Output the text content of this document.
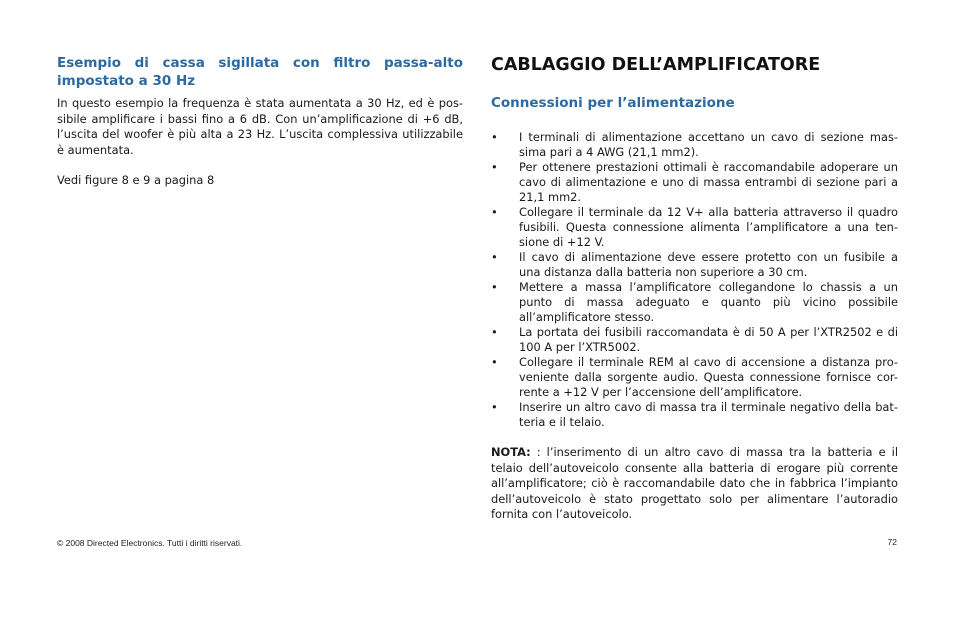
Esempio di cassa sigillata con filtro passa-alto impostato a 30 Hz

In questo esempio la frequenza è stata aumentata a 30 Hz, ed è pos-sibile amplificare i bassi fino a 6 dB. Con un’amplificazione di +6 dB, l’uscita del woofer è più alta a 23 Hz. L’uscita complessiva utilizzabile è aumentata.

Vedi figure 8 e 9 a pagina 8

CABLAGGIO DELL’AMPLIFICATORE
Connessioni per l’alimentazione
• I terminali di alimentazione accettano un cavo di sezione mas-sima pari a 4 AWG (21,1 mm2).
• Per ottenere prestazioni ottimali è raccomandabile adoperare un cavo di alimentazione e uno di massa entrambi di sezione pari a 21,1 mm2.
• Collegare il terminale da 12 V+ alla batteria attraverso il quadro fusibili. Questa connessione alimenta l’amplificatore a una ten-sione di +12 V.
• Il cavo di alimentazione deve essere protetto con un fusibile a una distanza dalla batteria non superiore a 30 cm.
• Mettere a massa l’amplificatore collegandone lo chassis a un punto di massa adeguato e quanto più vicino possibile all’amplificatore stesso.
• La portata dei fusibili raccomandata è di 50 A per l’XTR2502 e di 100 A per l’XTR5002.
• Collegare il terminale REM al cavo di accensione a distanza pro-veniente dalla sorgente audio. Questa connessione fornisce cor-rente a +12 V per l’accensione dell’amplificatore.
• Inserire un altro cavo di massa tra il terminale negativo della bat-teria e il telaio.

NOTA: : l’inserimento di un altro cavo di massa tra la batteria e il telaio dell’autoveicolo consente alla batteria di erogare più corrente all’amplificatore; ciò è raccomandabile dato che in fabbrica l’impianto dell’autoveicolo è stato progettato solo per alimentare l’autoradio fornita con l’autoveicolo.

© 2008 Directed Electronics. Tutti i diritti riservati.	72
